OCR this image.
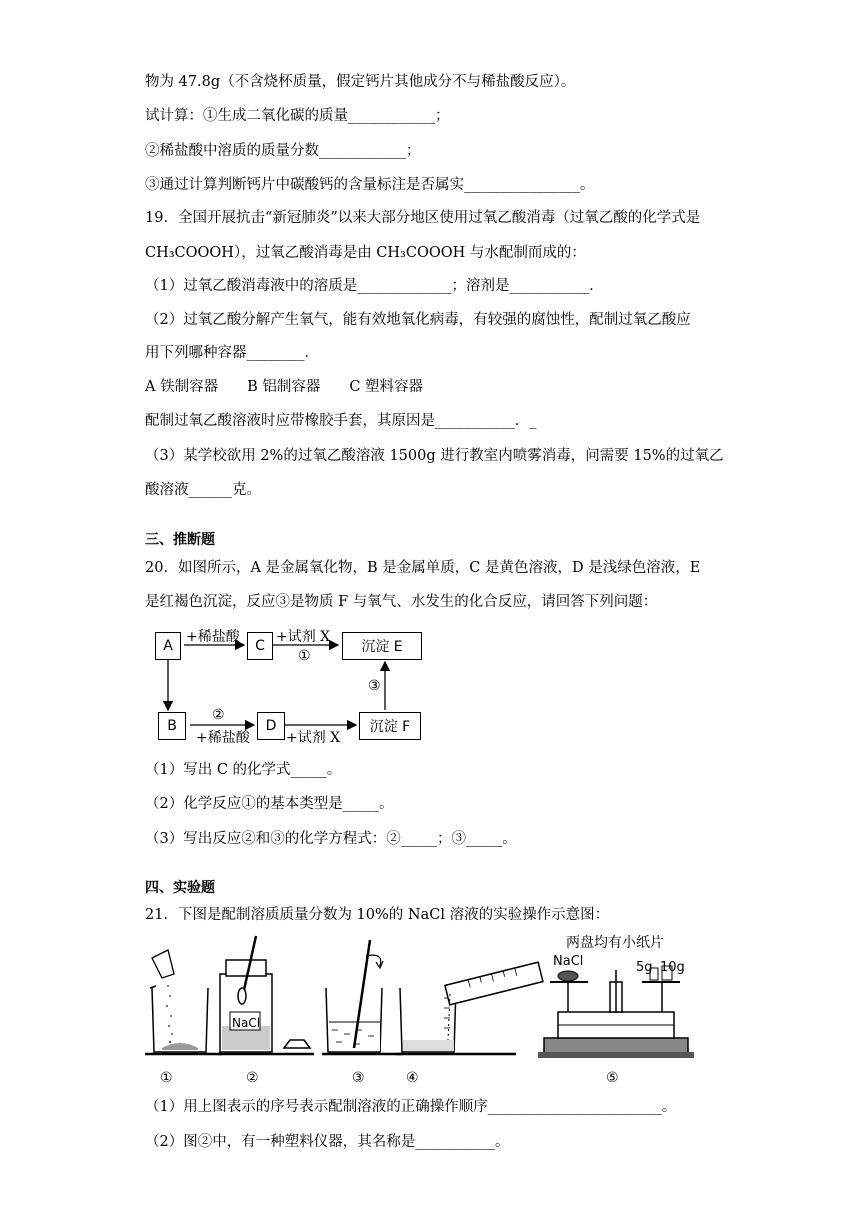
物为 47.8g（不含烧杯质量，假定钙片其他成分不与稀盐酸反应）。
试计算：①生成二氧化碳的质量____________；
②稀盐酸中溶质的质量分数____________；
③通过计算判断钙片中碳酸钙的含量标注是否属实________________。
19．全国开展抗击“新冠肺炎”以来大部分地区使用过氧乙酸消毒（过氧乙酸的化学式是
CH₃COOOH），过氧乙酸消毒是由 CH₃COOOH 与水配制而成的：
（1）过氧乙酸消毒液中的溶质是_____________；溶剂是___________．
（2）过氧乙酸分解产生氧气，能有效地氧化病毒，有较强的腐蚀性，配制过氧乙酸应
用下列哪种容器________．
A 铁制容器　　B 铝制容器　　C 塑料容器
配制过氧乙酸溶液时应带橡胶手套，其原因是___________．_
（3）某学校欲用 2%的过氧乙酸溶液 1500g 进行教室内喷雾消毒，问需要 15%的过氧乙
酸溶液______克。
三、推断题
20．如图所示，A 是金属氧化物，B 是金属单质，C 是黄色溶液，D 是浅绿色溶液，E
是红褐色沉淀，反应③是物质 F 与氧气、水发生的化合反应，请回答下列问题：
A	C	沉淀 E
B	D	沉淀 F
+稀盐酸	+试剂 X
①
②
+稀盐酸	+试剂 X
③
（1）写出 C 的化学式_____。
（2）化学反应①的基本类型是_____。
（3）写出反应②和③的化学方程式：②_____；③_____。
四、实验题
21．下图是配制溶质质量分数为 10%的 NaCl 溶液的实验操作示意图：
两盘均有小纸片
NaCl	5g 10g
NaCl
①	②	③	④	⑤
（1）用上图表示的序号表示配制溶液的正确操作顺序________________________。
（2）图②中，有一种塑料仪器，其名称是___________。
